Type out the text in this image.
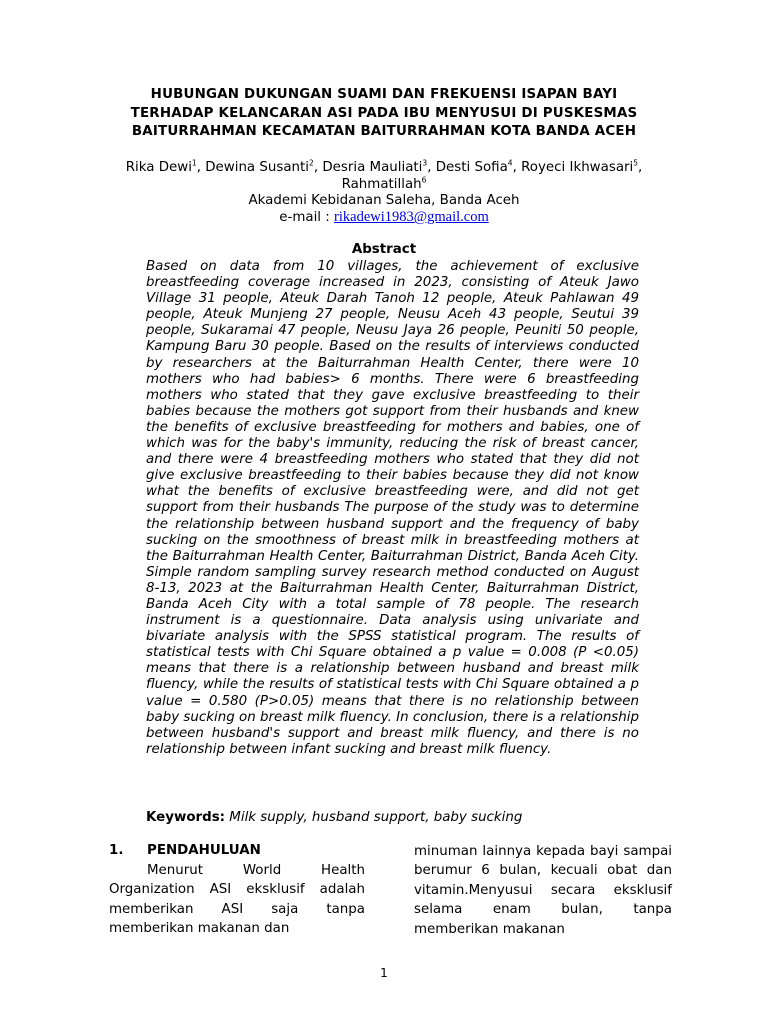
HUBUNGAN DUKUNGAN SUAMI DAN FREKUENSI ISAPAN BAYI
TERHADAP KELANCARAN ASI PADA IBU MENYUSUI DI PUSKESMAS
BAITURRAHMAN KECAMATAN BAITURRAHMAN KOTA BANDA ACEH
Rika Dewi$^1$, Dewina Susanti$^2$, Desria Mauliati$^3$, Desti Sofia$^4$, Royeci Ikhwasari$^5$,
Rahmatillah$^6$
Akademi Kebidanan Saleha, Banda Aceh
e-mail : rikadewi1983@gmail.com
Abstract
Based on data from 10 villages, the achievement of exclusive breastfeeding coverage increased in 2023, consisting of Ateuk Jawo Village 31 people, Ateuk Darah Tanoh 12 people, Ateuk Pahlawan 49 people, Ateuk Munjeng 27 people, Neusu Aceh 43 people, Seutui 39 people, Sukaramai 47 people, Neusu Jaya 26 people, Peuniti 50 people, Kampung Baru 30 people. Based on the results of interviews conducted by researchers at the Baiturrahman Health Center, there were 10 mothers who had babies> 6 months. There were 6 breastfeeding mothers who stated that they gave exclusive breastfeeding to their babies because the mothers got support from their husbands and knew the benefits of exclusive breastfeeding for mothers and babies, one of which was for the baby's immunity, reducing the risk of breast cancer, and there were 4 breastfeeding mothers who stated that they did not give exclusive breastfeeding to their babies because they did not know what the benefits of exclusive breastfeeding were, and did not get support from their husbands The purpose of the study was to determine the relationship between husband support and the frequency of baby sucking on the smoothness of breast milk in breastfeeding mothers at the Baiturrahman Health Center, Baiturrahman District, Banda Aceh City. Simple random sampling survey research method conducted on August 8-13, 2023 at the Baiturrahman Health Center, Baiturrahman District, Banda Aceh City with a total sample of 78 people. The research instrument is a questionnaire. Data analysis using univariate and bivariate analysis with the SPSS statistical program. The results of statistical tests with Chi Square obtained a p value = 0.008 (P <0.05) means that there is a relationship between husband and breast milk fluency, while the results of statistical tests with Chi Square obtained a p value = 0.580 (P>0.05) means that there is no relationship between baby sucking on breast milk fluency. In conclusion, there is a relationship between husband's support and breast milk fluency, and there is no relationship between infant sucking and breast milk fluency.
Keywords: Milk supply, husband support, baby sucking
1. PENDAHULUAN
Menurut World Health Organization ASI eksklusif adalah memberikan ASI saja tanpa memberikan makanan dan
minuman lainnya kepada bayi sampai berumur 6 bulan, kecuali obat dan vitamin.Menyusui secara eksklusif selama enam bulan, tanpa memberikan makanan
1
